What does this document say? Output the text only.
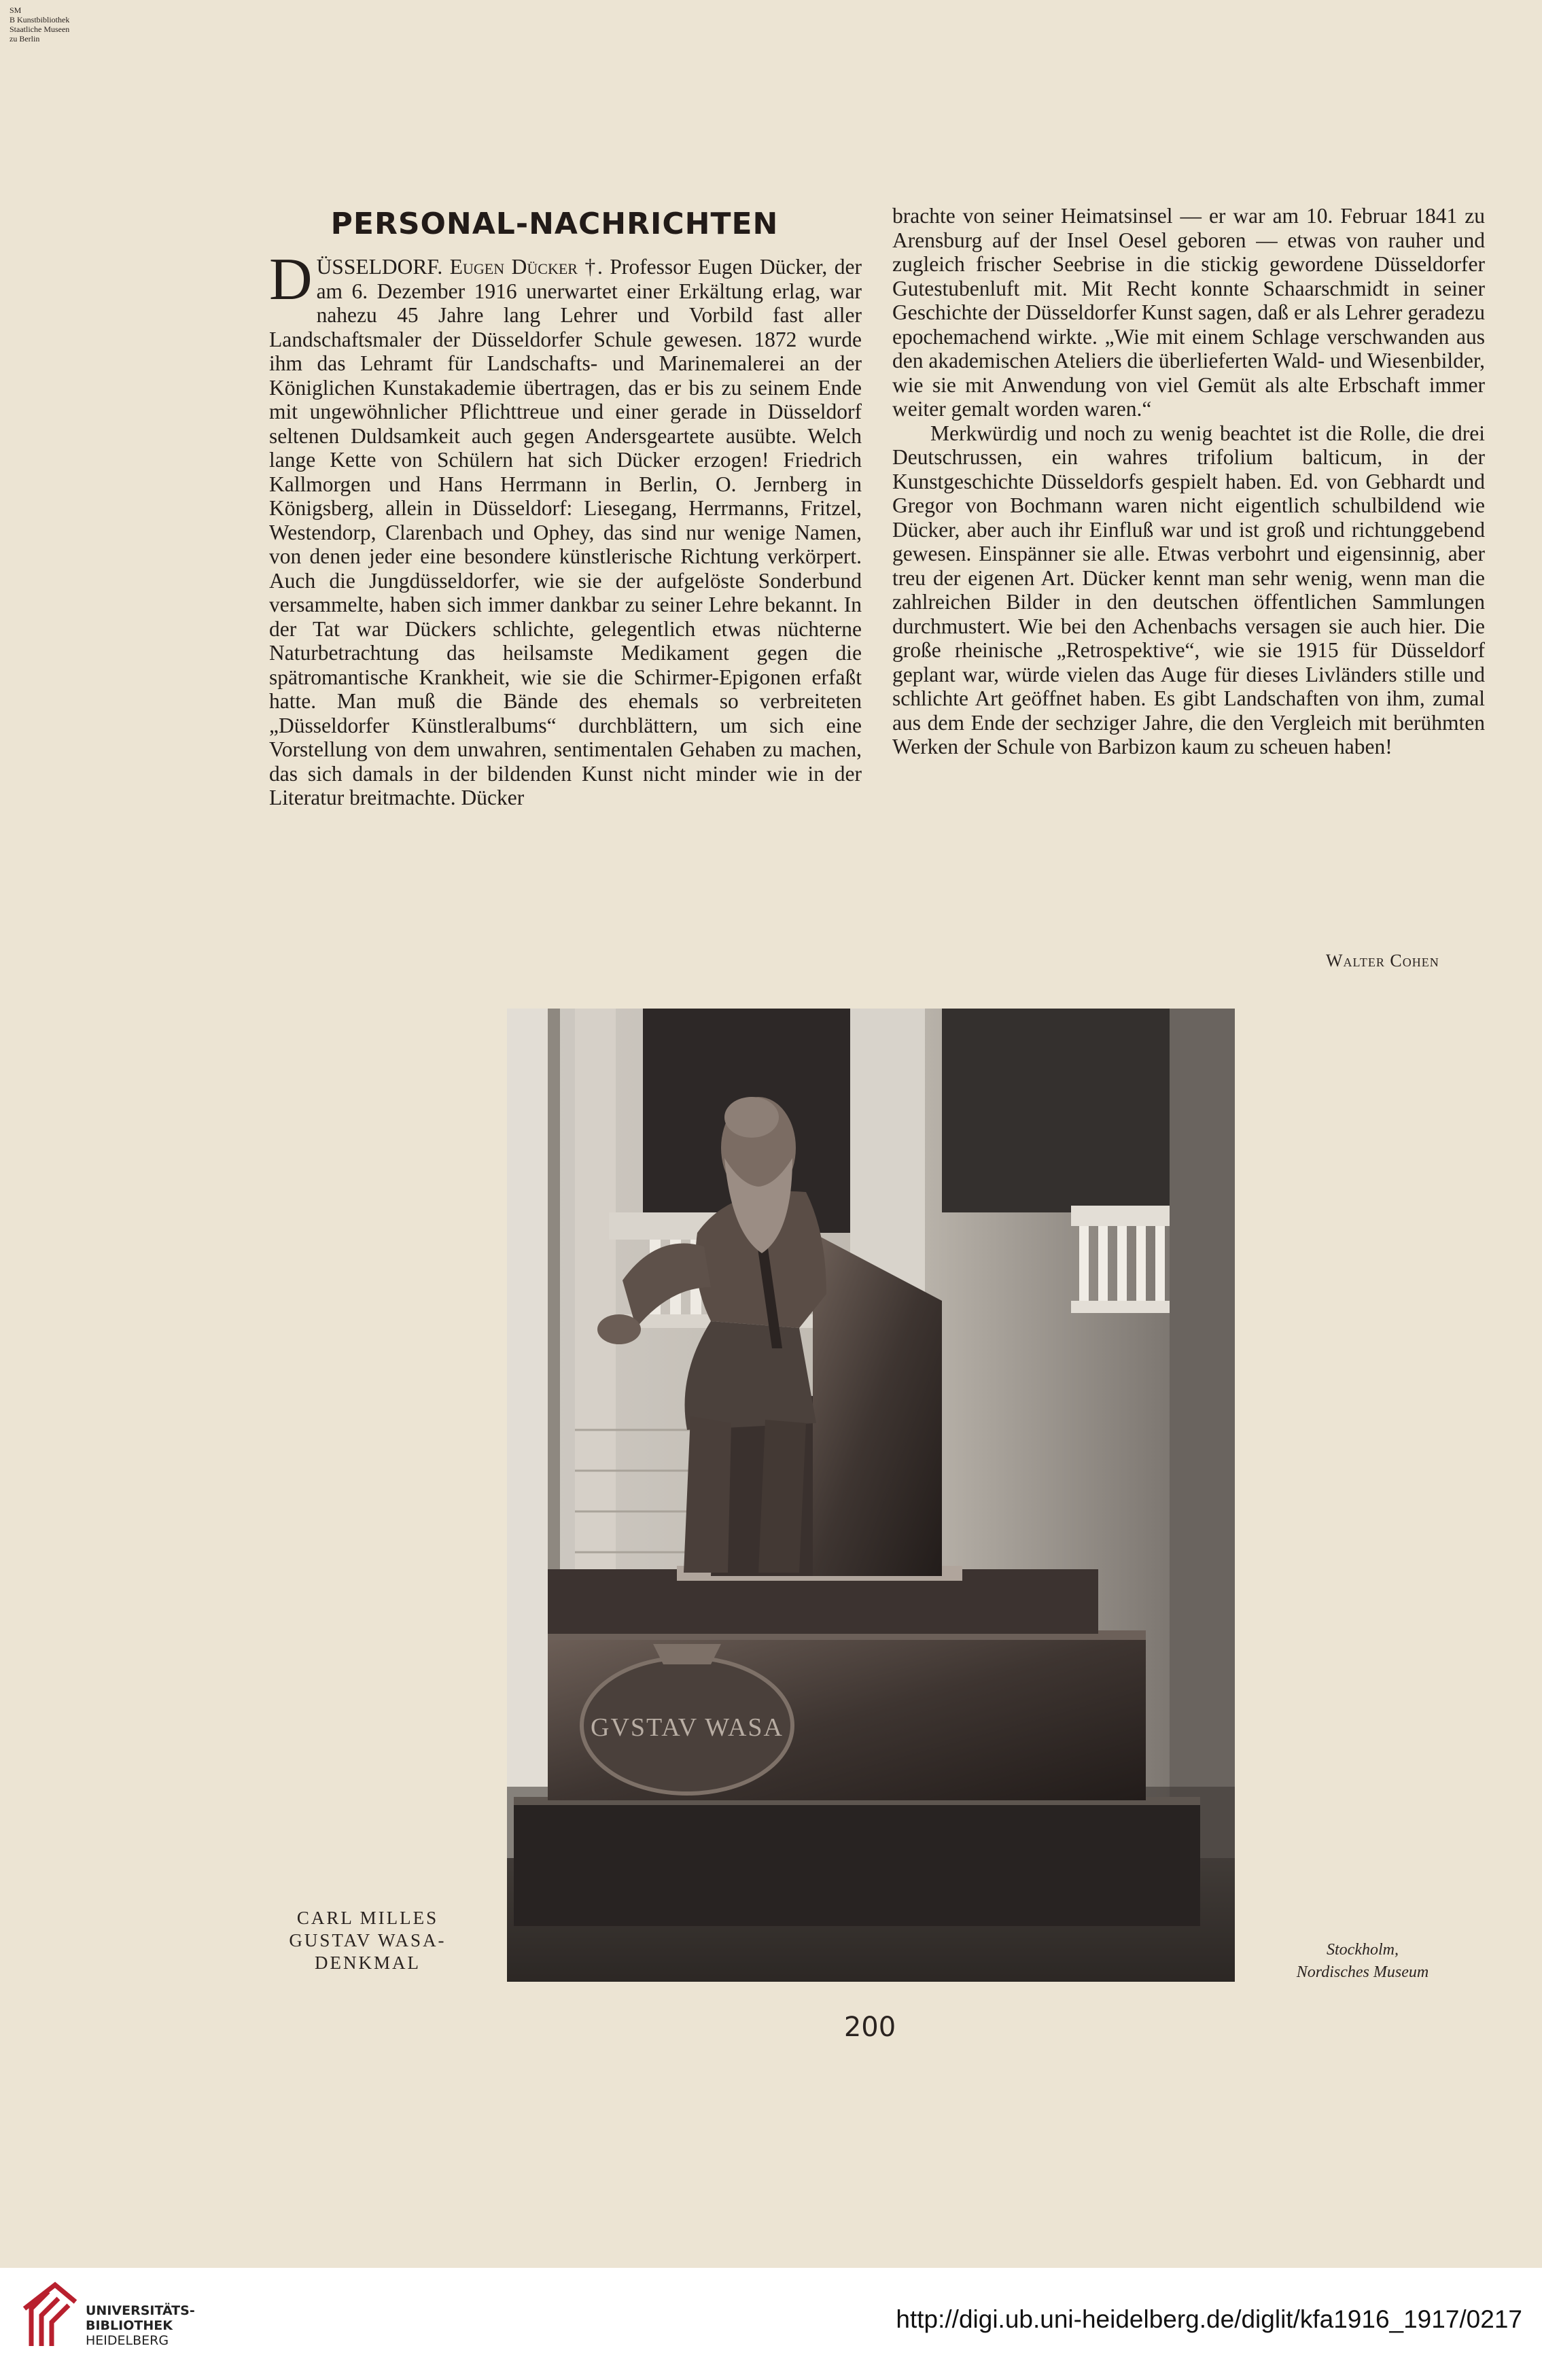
SM
B Kunstbibliothek
Staatliche Museen
zu Berlin
PERSONAL-NACHRICHTEN

DÜSSELDORF. Eugen Dücker †. Professor Eugen Dücker, der am 6. Dezember 1916 unerwartet einer Erkältung erlag, war nahezu 45 Jahre lang Lehrer und Vorbild fast aller Landschaftsmaler der Düsseldorfer Schule gewesen. 1872 wurde ihm das Lehramt für Landschafts- und Marinemalerei an der Königlichen Kunstakademie übertragen, das er bis zu seinem Ende mit ungewöhnlicher Pflichttreue und einer gerade in Düsseldorf seltenen Duldsamkeit auch gegen Andersgeartete ausübte. Welch lange Kette von Schülern hat sich Dücker erzogen! Friedrich Kallmorgen und Hans Herrmann in Berlin, O. Jernberg in Königsberg, allein in Düsseldorf: Liesegang, Herrmanns, Fritzel, Westendorp, Clarenbach und Ophey, das sind nur wenige Namen, von denen jeder eine besondere künstlerische Richtung verkörpert. Auch die Jungdüsseldorfer, wie sie der aufgelöste Sonderbund versammelte, haben sich immer dankbar zu seiner Lehre bekannt. In der Tat war Dückers schlichte, gelegentlich etwas nüchterne Naturbetrachtung das heilsamste Medikament gegen die spätromantische Krankheit, wie sie die Schirmer-Epigonen erfaßt hatte. Man muß die Bände des ehemals so verbreiteten „Düsseldorfer Künstleralbums“ durchblättern, um sich eine Vorstellung von dem unwahren, sentimentalen Gehaben zu machen, das sich damals in der bildenden Kunst nicht minder wie in der Literatur breitmachte. Dücker

brachte von seiner Heimatsinsel — er war am 10. Februar 1841 zu Arensburg auf der Insel Oesel geboren — etwas von rauher und zugleich frischer Seebrise in die stickig gewordene Düsseldorfer Gutestubenluft mit. Mit Recht konnte Schaarschmidt in seiner Geschichte der Düsseldorfer Kunst sagen, daß er als Lehrer geradezu epochemachend wirkte. „Wie mit einem Schlage verschwanden aus den akademischen Ateliers die überlieferten Wald- und Wiesenbilder, wie sie mit Anwendung von viel Gemüt als alte Erbschaft immer weiter gemalt worden waren.“

Merkwürdig und noch zu wenig beachtet ist die Rolle, die drei Deutschrussen, ein wahres trifolium balticum, in der Kunstgeschichte Düsseldorfs gespielt haben. Ed. von Gebhardt und Gregor von Bochmann waren nicht eigentlich schulbildend wie Dücker, aber auch ihr Einfluß war und ist groß und richtunggebend gewesen. Einspänner sie alle. Etwas verbohrt und eigensinnig, aber treu der eigenen Art. Dücker kennt man sehr wenig, wenn man die zahlreichen Bilder in den deutschen öffentlichen Sammlungen durchmustert. Wie bei den Achenbachs versagen sie auch hier. Die große rheinische „Retrospektive“, wie sie 1915 für Düsseldorf geplant war, würde vielen das Auge für dieses Livländers stille und schlichte Art geöffnet haben. Es gibt Landschaften von ihm, zumal aus dem Ende der sechziger Jahre, die den Vergleich mit berühmten Werken der Schule von Barbizon kaum zu scheuen haben!

Walter Cohen
GVSTAV WASA
CARL MILLES
GUSTAV WASA-
DENKMAL
Stockholm,
Nordisches Museum
200
UNIVERSITÄTS-
BIBLIOTHEK
HEIDELBERG
http://digi.ub.uni-heidelberg.de/diglit/kfa1916_1917/0217
